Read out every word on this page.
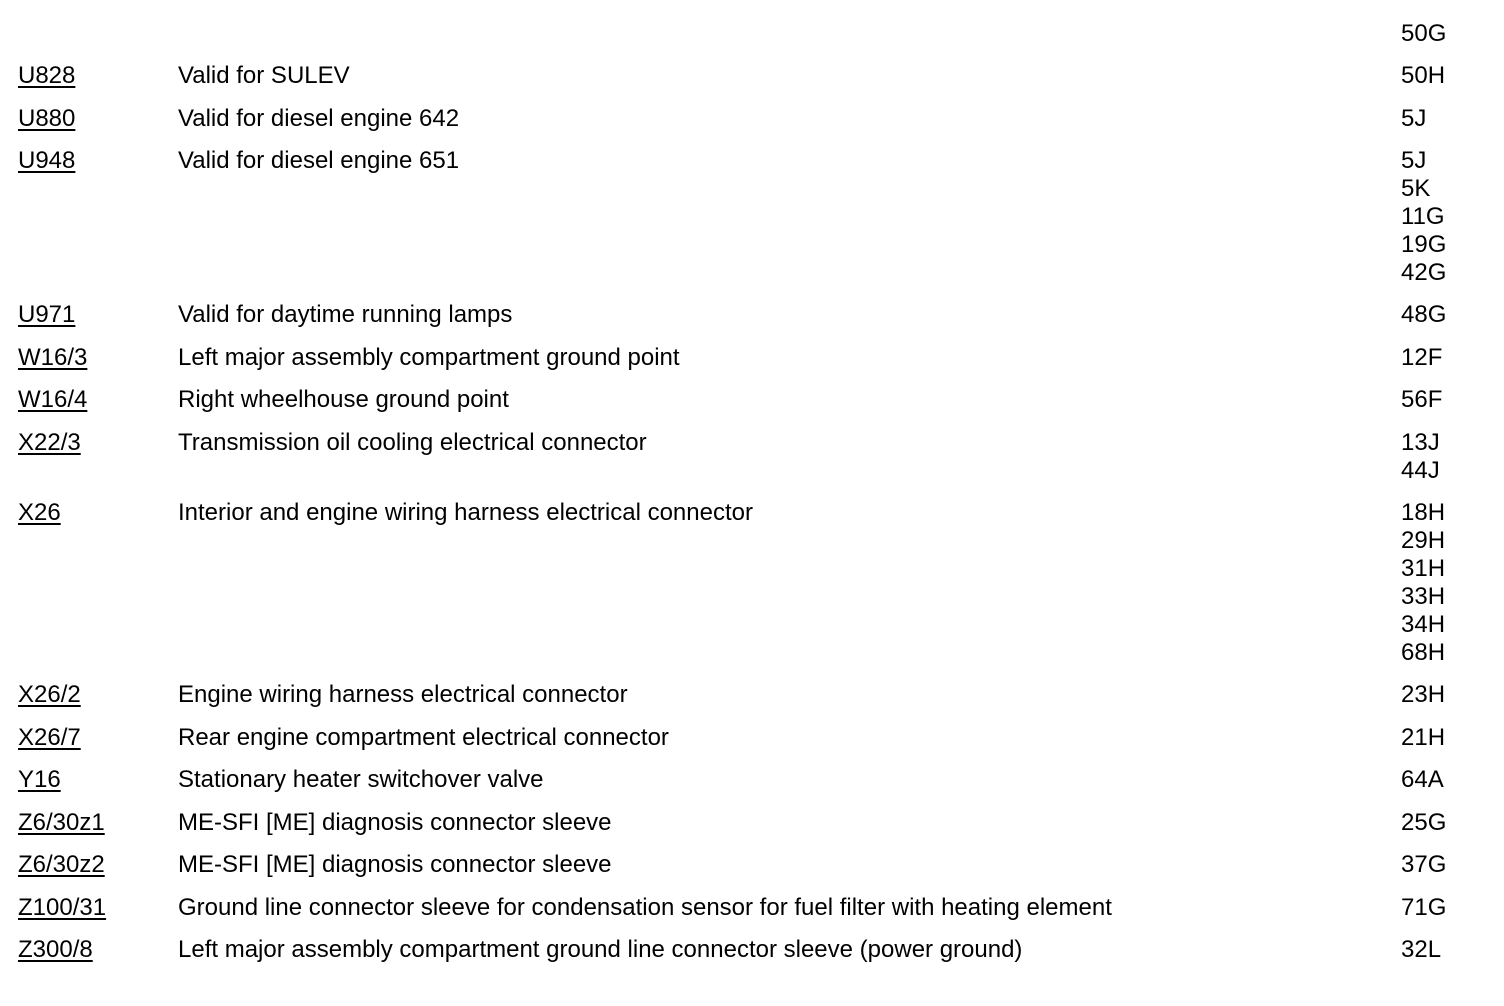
50G
U828	Valid for SULEV	50H
U880	Valid for diesel engine 642	5J
U948	Valid for diesel engine 651	5J
5K
11G
19G
42G
U971	Valid for daytime running lamps	48G
W16/3	Left major assembly compartment ground point	12F
W16/4	Right wheelhouse ground point	56F
X22/3	Transmission oil cooling electrical connector	13J
44J
X26	Interior and engine wiring harness electrical connector	18H
29H
31H
33H
34H
68H
X26/2	Engine wiring harness electrical connector	23H
X26/7	Rear engine compartment electrical connector	21H
Y16	Stationary heater switchover valve	64A
Z6/30z1	ME-SFI [ME] diagnosis connector sleeve	25G
Z6/30z2	ME-SFI [ME] diagnosis connector sleeve	37G
Z100/31	Ground line connector sleeve for condensation sensor for fuel filter with heating element	71G
Z300/8	Left major assembly compartment ground line connector sleeve (power ground)	32L
